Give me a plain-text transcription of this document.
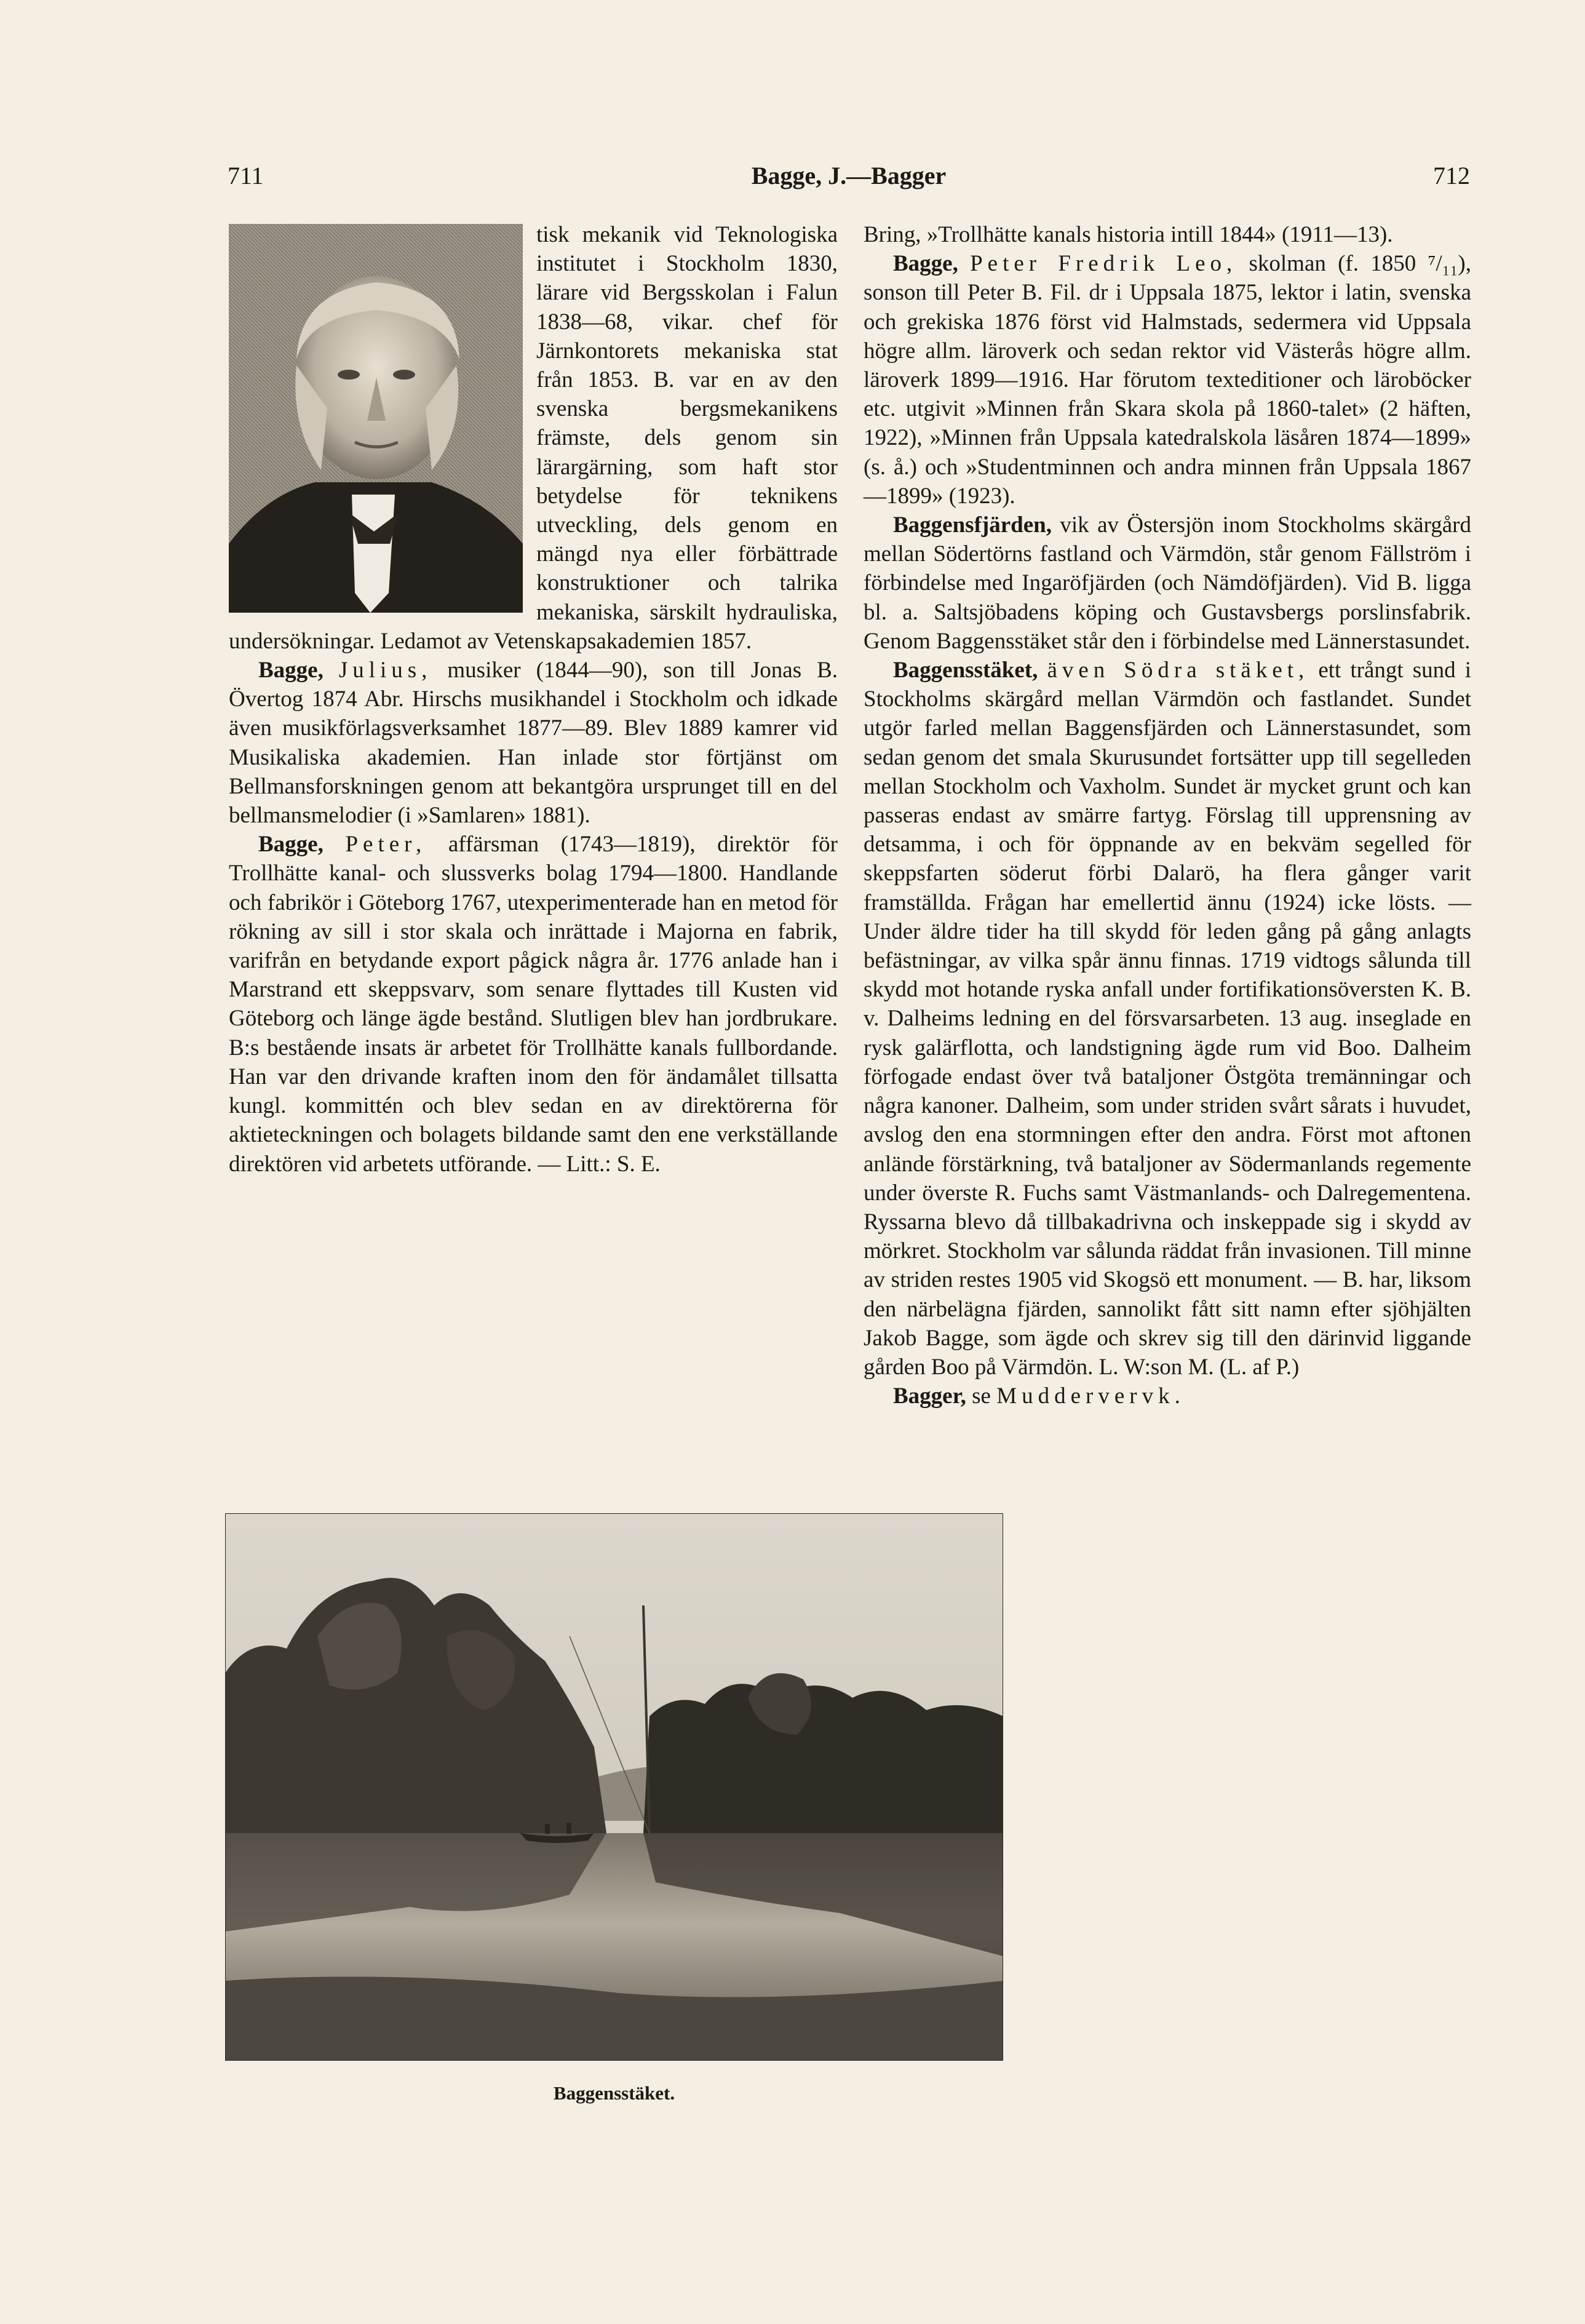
711	Bagge, J.—Bagger	712

tisk mekanik vid Teknologiska institutet i Stockholm 1830, lärare vid Bergsskolan i Falun 1838—68, vikar. chef för Järnkontorets mekaniska stat från 1853. B. var en av den svenska bergsmekanikens främste, dels genom sin lärargärning, som haft stor betydelse för teknikens utveckling, dels genom en mängd nya eller förbättrade konstruktioner och talrika mekaniska, särskilt hydrauliska, undersökningar. Ledamot av Vetenskapsakademien 1857.

Bagge, Julius, musiker (1844—90), son till Jonas B. Övertog 1874 Abr. Hirschs musikhandel i Stockholm och idkade även musikförlagsverksamhet 1877—89. Blev 1889 kamrer vid Musikaliska akademien. Han inlade stor förtjänst om Bellmansforskningen genom att bekantgöra ursprunget till en del bellmansmelodier (i »Samlaren» 1881).

Bagge, Peter, affärsman (1743—1819), direktör för Trollhätte kanal- och slussverks bolag 1794—1800. Handlande och fabrikör i Göteborg 1767, utexperimenterade han en metod för rökning av sill i stor skala och inrättade i Majorna en fabrik, varifrån en betydande export pågick några år. 1776 anlade han i Marstrand ett skeppsvarv, som senare flyttades till Kusten vid Göteborg och länge ägde bestånd. Slutligen blev han jordbrukare. B:s bestående insats är arbetet för Trollhätte kanals fullbordande. Han var den drivande kraften inom den för ändamålet tillsatta kungl. kommittén och blev sedan en av direktörerna för aktieteckningen och bolagets bildande samt den ene verkställande direktören vid arbetets utförande. — Litt.: S. E.

Baggensstäket.

Bring, »Trollhätte kanals historia intill 1844» (1911—13).

Bagge, Peter Fredrik Leo, skolman (f. 1850 ⁷/₁₁), sonson till Peter B. Fil. dr i Uppsala 1875, lektor i latin, svenska och grekiska 1876 först vid Halmstads, sedermera vid Uppsala högre allm. läroverk och sedan rektor vid Västerås högre allm. läroverk 1899—1916. Har förutom texteditioner och läroböcker etc. utgivit »Minnen från Skara skola på 1860-talet» (2 häften, 1922), »Minnen från Uppsala katedralskola läsåren 1874—1899» (s. å.) och »Studentminnen och andra minnen från Uppsala 1867—1899» (1923).

Baggensfjärden, vik av Östersjön inom Stockholms skärgård mellan Södertörns fastland och Värmdön, står genom Fällström i förbindelse med Ingaröfjärden (och Nämdöfjärden). Vid B. ligga bl. a. Saltsjöbadens köping och Gustavsbergs porslinsfabrik. Genom Baggensstäket står den i förbindelse med Lännerstasundet.

Baggensstäket, även Södra stäket, ett trångt sund i Stockholms skärgård mellan Värmdön och fastlandet. Sundet utgör farled mellan Baggensfjärden och Lännerstasundet, som sedan genom det smala Skurusundet fortsätter upp till segelleden mellan Stockholm och Vaxholm. Sundet är mycket grunt och kan passeras endast av smärre fartyg. Förslag till upprensning av detsamma, i och för öppnande av en bekväm segelled för skeppsfarten söderut förbi Dalarö, ha flera gånger varit framställda. Frågan har emellertid ännu (1924) icke lösts. — Under äldre tider ha till skydd för leden gång på gång anlagts befästningar, av vilka spår ännu finnas. 1719 vidtogs sålunda till skydd mot hotande ryska anfall under fortifikationsöversten K. B. v. Dalheims ledning en del försvarsarbeten. 13 aug. inseglade en rysk galärflotta, och landstigning ägde rum vid Boo. Dalheim förfogade endast över två bataljoner Östgöta tremänningar och några kanoner. Dalheim, som under striden svårt sårats i huvudet, avslog den ena stormningen efter den andra. Först mot aftonen anlände förstärkning, två bataljoner av Södermanlands regemente under överste R. Fuchs samt Västmanlands- och Dalregementena. Ryssarna blevo då tillbakadrivna och inskeppade sig i skydd av mörkret. Stockholm var sålunda räddat från invasionen. Till minne av striden restes 1905 vid Skogsö ett monument. — B. har, liksom den närbelägna fjärden, sannolikt fått sitt namn efter sjöhjälten Jakob Bagge, som ägde och skrev sig till den därinvid liggande gården Boo på Värmdön. L. W:son M. (L. af P.)

Bagger, se Muddervervk.
